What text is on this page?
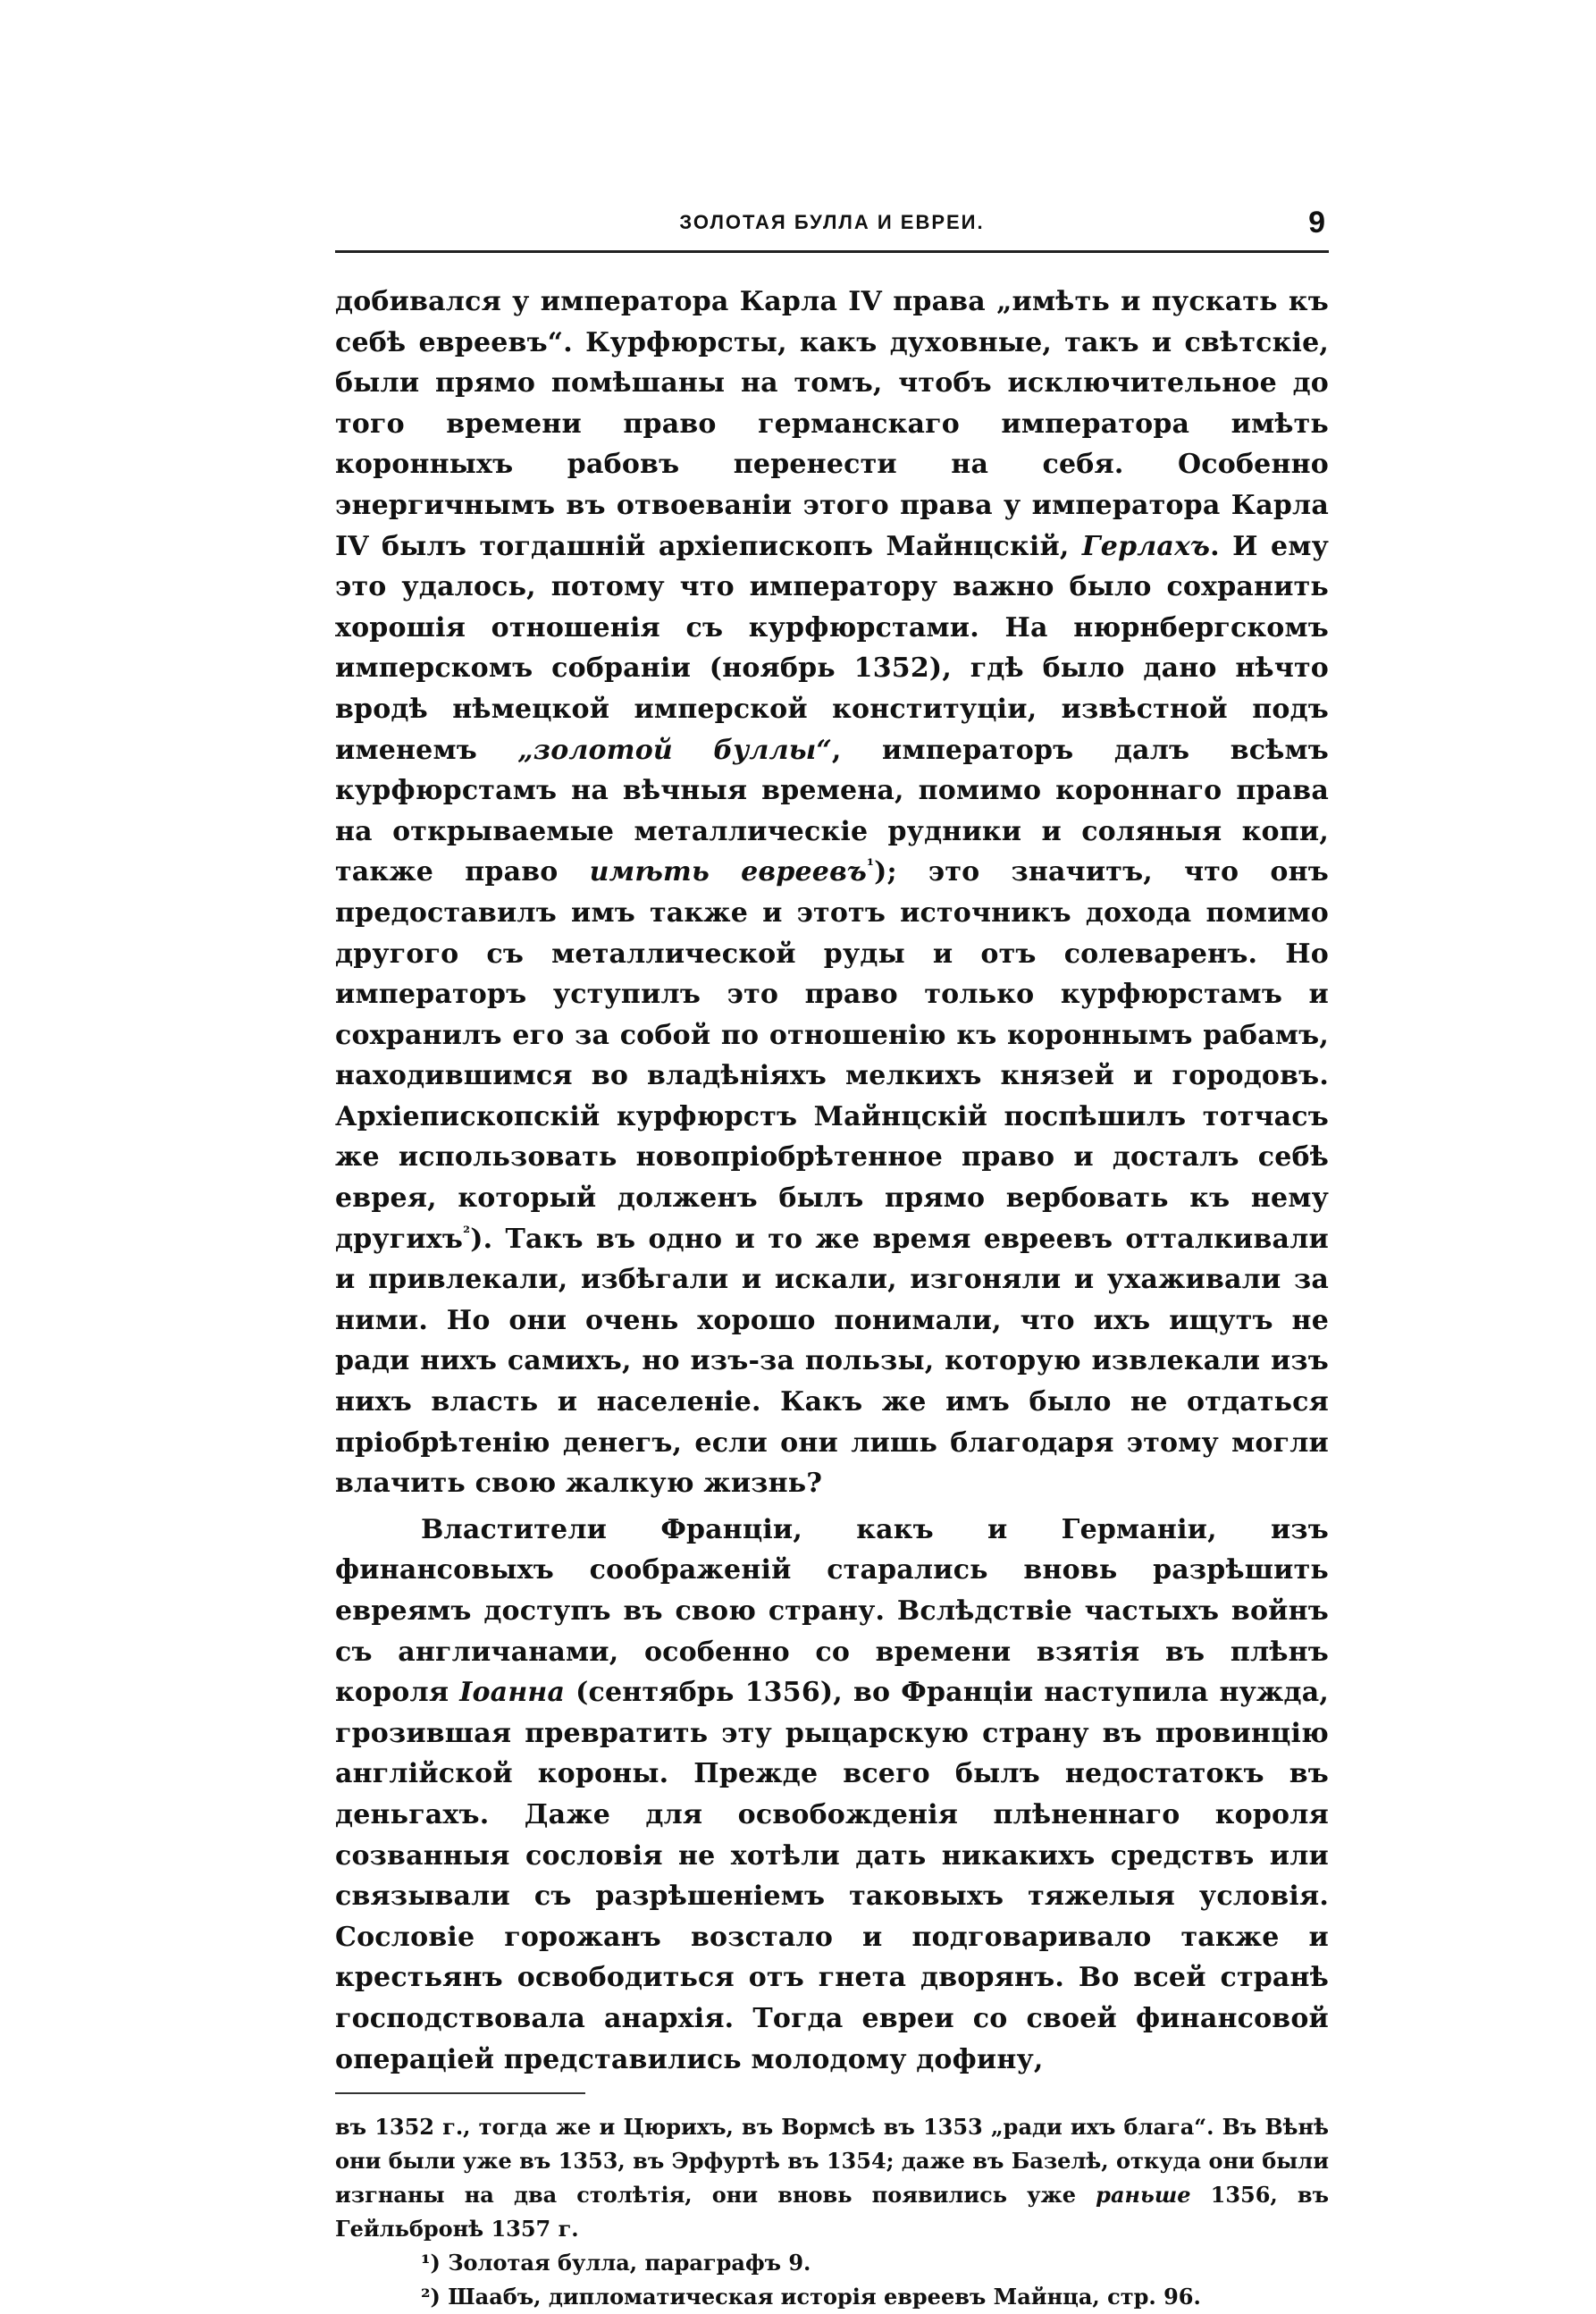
ЗОЛОТАЯ БУЛЛА И ЕВРЕИ.	9

добивался у императора Карла IV права „имѣть и пускать къ себѣ евреевъ“. Курфюрсты, какъ духовные, такъ и свѣтскіе, были прямо помѣшаны на томъ, чтобъ исключительное до того времени право германскаго императора имѣть коронныхъ рабовъ перенести на себя. Особенно энергичнымъ въ отвоеваніи этого права у императора Карла IV былъ тогдашній архіепископъ Майнцскій, Герлахъ. И ему это удалось, потому что императору важно было сохранить хорошія отношенія съ курфюрстами. На нюрнбергскомъ имперскомъ собраніи (ноябрь 1352), гдѣ было дано нѣчто вродѣ нѣмецкой имперской конституціи, извѣстной подъ именемъ „золотой буллы“, императоръ далъ всѣмъ курфюрстамъ на вѣчныя времена, помимо короннаго права на открываемые металлическіе рудники и соляныя копи, также право имѣть евреевъ$^{^1}$); это значитъ, что онъ предоставилъ имъ также и этотъ источникъ дохода помимо другого съ металлической руды и отъ солеваренъ. Но императоръ уступилъ это право только курфюрстамъ и сохранилъ его за собой по отношенію къ короннымъ рабамъ, находившимся во владѣніяхъ мелкихъ князей и городовъ. Архіепископскій курфюрстъ Майнцскій поспѣшилъ тотчасъ же использовать новопріобрѣтенное право и досталъ себѣ еврея, который долженъ былъ прямо вербовать къ нему другихъ$^{^2}$). Такъ въ одно и то же время евреевъ отталкивали и привлекали, избѣгали и искали, изгоняли и ухаживали за ними. Но они очень хорошо понимали, что ихъ ищутъ не ради нихъ самихъ, но изъ-за пользы, которую извлекали изъ нихъ власть и населеніе. Какъ же имъ было не отдаться пріобрѣтенію денегъ, если они лишь благодаря этому могли влачить свою жалкую жизнь?

Властители Франціи, какъ и Германіи, изъ финансовыхъ соображеній старались вновь разрѣшить евреямъ доступъ въ свою страну. Вслѣдствіе частыхъ войнъ съ англичанами, особенно со времени взятія въ плѣнъ короля Іоанна (сентябрь 1356), во Франціи наступила нужда, грозившая превратить эту рыцарскую страну въ провинцію англійской короны. Прежде всего былъ недостатокъ въ деньгахъ. Даже для освобожденія плѣненнаго короля созванныя сословія не хотѣли дать никакихъ средствъ или связывали съ разрѣшеніемъ таковыхъ тяжелыя условія. Сословіе горожанъ возстало и подговаривало также и крестьянъ освободиться отъ гнета дворянъ. Во всей странѣ господствовала анархія. Тогда евреи со своей финансовой операціей представились молодому дофину,

въ 1352 г., тогда же и Цюрихъ, въ Вормсѣ въ 1353 „ради ихъ блага“. Въ Вѣнѣ они были уже въ 1353, въ Эрфуртѣ въ 1354; даже въ Базелѣ, откуда они были изгнаны на два столѣтія, они вновь появились уже раньше 1356, въ Гейльбронѣ 1357 г.

¹) Золотая булла, параграфъ 9.

²) Шаабъ, дипломатическая исторія евреевъ Майнца, стр. 96.
